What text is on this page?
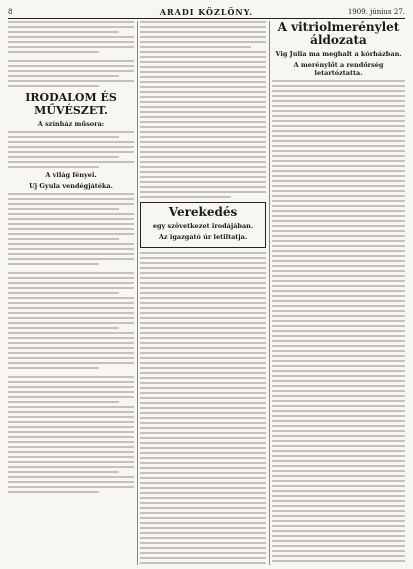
8	ARADI KÖZLÖNY.	1909. június 27.
IRODALOM ÉS MŰVÉSZET.
A színház műsora:
A világ fényei.
Uj Gyula vendégjátéka.
Verekedés
egy szövetkezet irodájában.
Az igazgató úr letiltatja.
A vitriolmerénylet áldozata
Vig Julia ma meghalt a kórházban.
A merénylőt a rendőrség letartóztatta.
